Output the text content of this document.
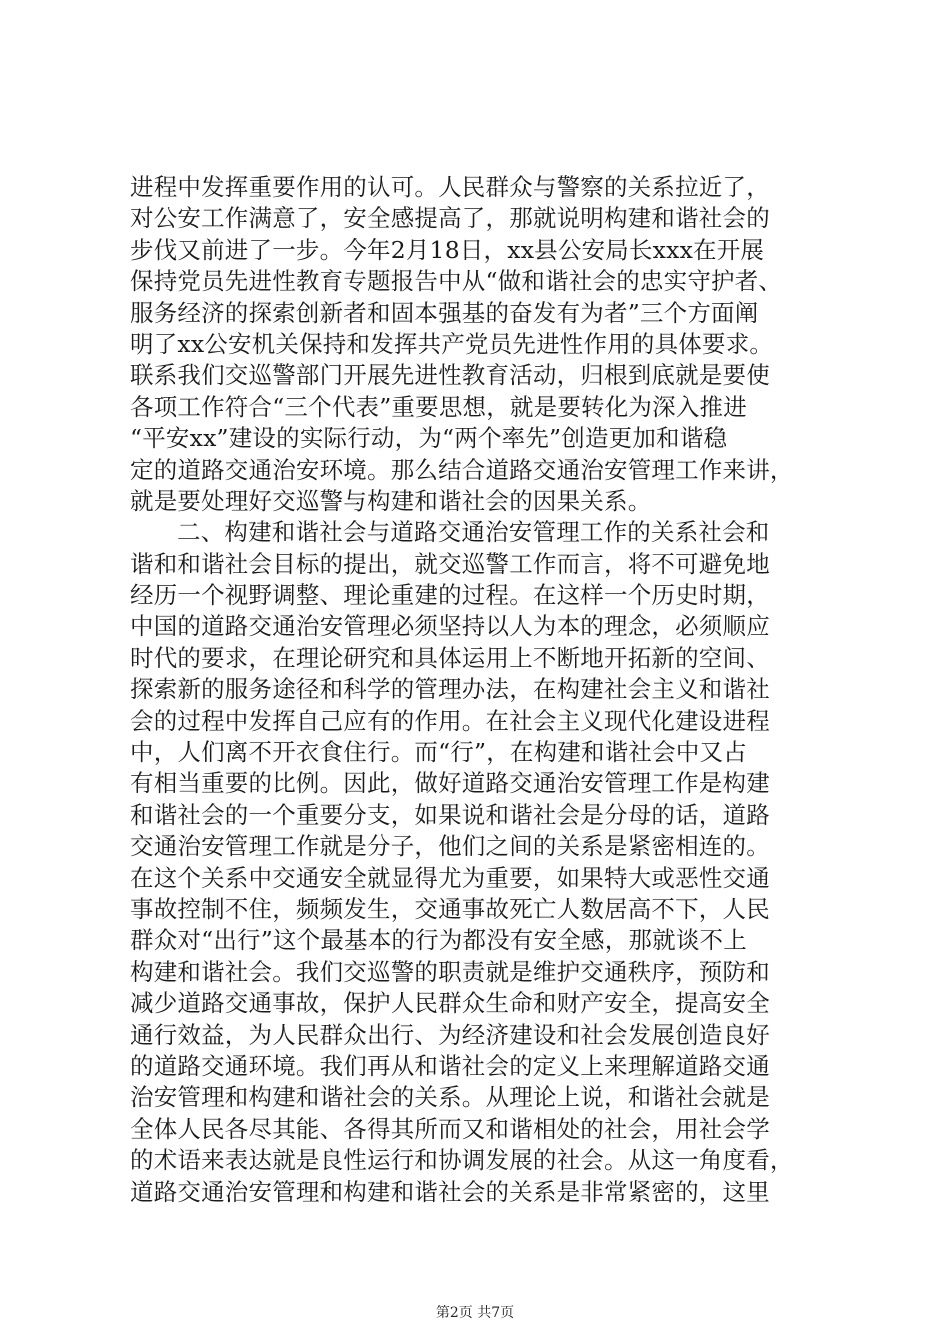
进程中发挥重要作用的认可。人民群众与警察的关系拉近了，
对公安工作满意了，安全感提高了，那就说明构建和谐社会的
步伐又前进了一步。今年2月18日，xx县公安局长xxx在开展
保持党员先进性教育专题报告中从“做和谐社会的忠实守护者、
服务经济的探索创新者和固本强基的奋发有为者”三个方面阐
明了xx公安机关保持和发挥共产党员先进性作用的具体要求。
联系我们交巡警部门开展先进性教育活动，归根到底就是要使
各项工作符合“三个代表”重要思想，就是要转化为深入推进
“平安xx”建设的实际行动，为“两个率先”创造更加和谐稳
定的道路交通治安环境。那么结合道路交通治安管理工作来讲，
就是要处理好交巡警与构建和谐社会的因果关系。
二、构建和谐社会与道路交通治安管理工作的关系社会和
谐和和谐社会目标的提出，就交巡警工作而言，将不可避免地
经历一个视野调整、理论重建的过程。在这样一个历史时期，
中国的道路交通治安管理必须坚持以人为本的理念，必须顺应
时代的要求，在理论研究和具体运用上不断地开拓新的空间、
探索新的服务途径和科学的管理办法，在构建社会主义和谐社
会的过程中发挥自己应有的作用。在社会主义现代化建设进程
中，人们离不开衣食住行。而“行”，在构建和谐社会中又占
有相当重要的比例。因此，做好道路交通治安管理工作是构建
和谐社会的一个重要分支，如果说和谐社会是分母的话，道路
交通治安管理工作就是分子，他们之间的关系是紧密相连的。
在这个关系中交通安全就显得尤为重要，如果特大或恶性交通
事故控制不住，频频发生，交通事故死亡人数居高不下，人民
群众对“出行”这个最基本的行为都没有安全感，那就谈不上
构建和谐社会。我们交巡警的职责就是维护交通秩序，预防和
减少道路交通事故，保护人民群众生命和财产安全，提高安全
通行效益，为人民群众出行、为经济建设和社会发展创造良好
的道路交通环境。我们再从和谐社会的定义上来理解道路交通
治安管理和构建和谐社会的关系。从理论上说，和谐社会就是
全体人民各尽其能、各得其所而又和谐相处的社会，用社会学
的术语来表达就是良性运行和协调发展的社会。从这一角度看，
道路交通治安管理和构建和谐社会的关系是非常紧密的，这里
第2页 共7页
